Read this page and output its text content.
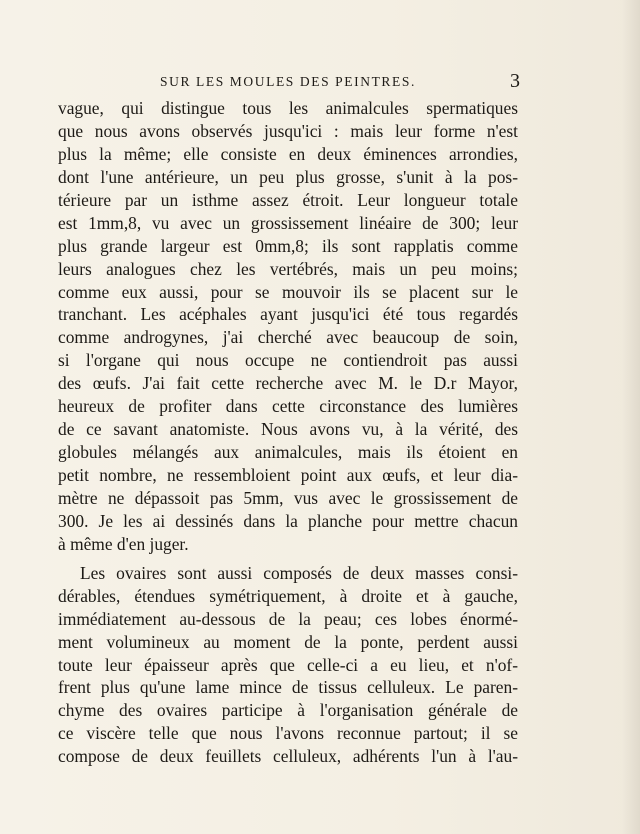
SUR LES MOULES DES PEINTRES.	3
vague, qui distingue tous les animalcules spermatiques
que nous avons observés jusqu'ici : mais leur forme n'est
plus la même; elle consiste en deux éminences arrondies,
dont l'une antérieure, un peu plus grosse, s'unit à la pos-
térieure par un isthme assez étroit. Leur longueur totale
est 1mm,8, vu avec un grossissement linéaire de 300; leur
plus grande largeur est 0mm,8; ils sont rapplatis comme
leurs analogues chez les vertébrés, mais un peu moins;
comme eux aussi, pour se mouvoir ils se placent sur le
tranchant. Les acéphales ayant jusqu'ici été tous regardés
comme androgynes, j'ai cherché avec beaucoup de soin,
si l'organe qui nous occupe ne contiendroit pas aussi
des œufs. J'ai fait cette recherche avec M. le D.r Mayor,
heureux de profiter dans cette circonstance des lumières
de ce savant anatomiste. Nous avons vu, à la vérité, des
globules mélangés aux animalcules, mais ils étoient en
petit nombre, ne ressembloient point aux œufs, et leur dia-
mètre ne dépassoit pas 5mm, vus avec le grossissement de
300. Je les ai dessinés dans la planche pour mettre chacun
à même d'en juger.
Les ovaires sont aussi composés de deux masses consi-
dérables, étendues symétriquement, à droite et à gauche,
immédiatement au-dessous de la peau; ces lobes énormé-
ment volumineux au moment de la ponte, perdent aussi
toute leur épaisseur après que celle-ci a eu lieu, et n'of-
frent plus qu'une lame mince de tissus celluleux. Le paren-
chyme des ovaires participe à l'organisation générale de
ce viscère telle que nous l'avons reconnue partout; il se
compose de deux feuillets celluleux, adhérents l'un à l'au-
